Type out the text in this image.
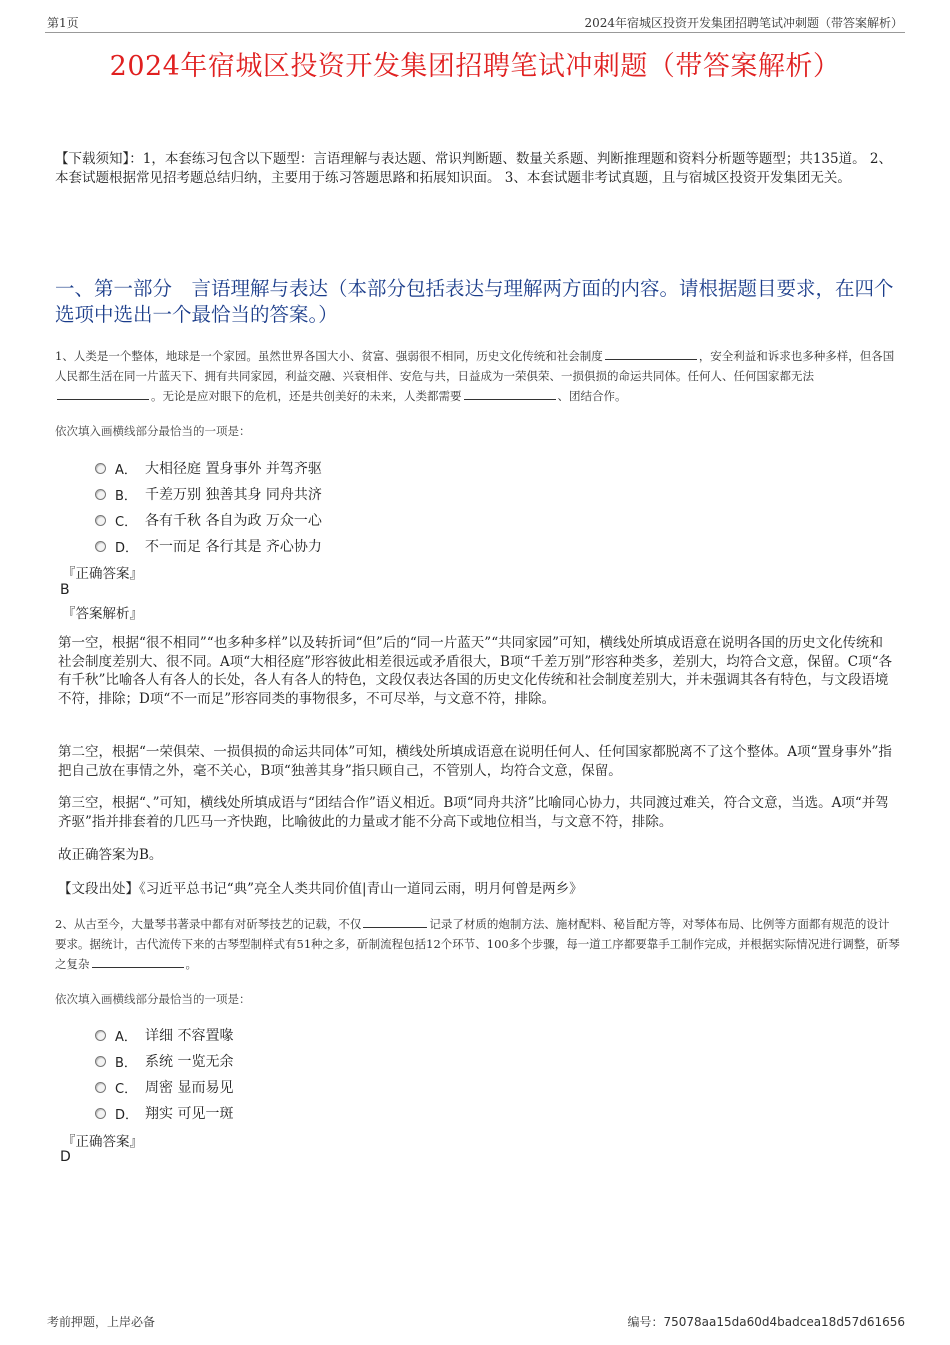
第1页	2024年宿城区投资开发集团招聘笔试冲刺题（带答案解析）
2024年宿城区投资开发集团招聘笔试冲刺题（带答案解析）
【下载须知】：1，本套练习包含以下题型：言语理解与表达题、常识判断题、数量关系题、判断推理题和资料分析题等题型；共135道。 2、本套试题根据常见招考题总结归纳，主要用于练习答题思路和拓展知识面。 3、本套试题非考试真题，且与宿城区投资开发集团无关。
一、第一部分　言语理解与表达（本部分包括表达与理解两方面的内容。请根据题目要求，在四个选项中选出一个最恰当的答案。）
1、人类是一个整体，地球是一个家园。虽然世界各国大小、贫富、强弱很不相同，历史文化传统和社会制度	，安全利益和诉求也多种多样，但各国人民都生活在同一片蓝天下、拥有共同家园，利益交融、兴衰相伴、安危与共，日益成为一荣俱荣、一损俱损的命运共同体。任何人、任何国家都无法。无论是应对眼下的危机，还是共创美好的未来，人类都需要	、团结合作。
依次填入画横线部分最恰当的一项是：
A． 大相径庭 置身事外 并驾齐驱
B． 千差万别 独善其身 同舟共济
C． 各有千秋 各自为政 万众一心
D． 不一而足 各行其是 齐心协力
『正确答案』
B
『答案解析』
第一空，根据“很不相同”“也多种多样”以及转折词“但”后的“同一片蓝天”“共同家园”可知，横线处所填成语意在说明各国的历史文化传统和社会制度差别大、很不同。A项“大相径庭”形容彼此相差很远或矛盾很大，B项“千差万别”形容种类多，差别大，均符合文意，保留。C项“各有千秋”比喻各人有各人的长处，各人有各人的特色，文段仅表达各国的历史文化传统和社会制度差别大，并未强调其各有特色，与文段语境不符，排除；D项“不一而足”形容同类的事物很多，不可尽举，与文意不符，排除。
第二空，根据“一荣俱荣、一损俱损的命运共同体”可知，横线处所填成语意在说明任何人、任何国家都脱离不了这个整体。A项“置身事外”指把自己放在事情之外，毫不关心，B项“独善其身”指只顾自己，不管别人，均符合文意，保留。
第三空，根据“、”可知，横线处所填成语与“团结合作”语义相近。B项“同舟共济”比喻同心协力，共同渡过难关，符合文意，当选。A项“并驾齐驱”指并排套着的几匹马一齐快跑，比喻彼此的力量或才能不分高下或地位相当，与文意不符，排除。
故正确答案为B。
【文段出处】《习近平总书记“典”亮全人类共同价值|青山一道同云雨，明月何曾是两乡》
2、从古至今，大量琴书著录中都有对斫琴技艺的记载，不仅	记录了材质的炮制方法、施材配料、秘旨配方等，对琴体布局、比例等方面都有规范的设计要求。据统计，古代流传下来的古琴型制样式有51种之多，斫制流程包括12个环节、100多个步骤，每一道工序都要靠手工制作完成，并根据实际情况进行调整，斫琴之复杂	。
依次填入画横线部分最恰当的一项是：
A． 详细 不容置喙
B． 系统 一览无余
C． 周密 显而易见
D． 翔实 可见一斑
『正确答案』
D
考前押题，上岸必备	编号：75078aa15da60d4badcea18d57d61656
